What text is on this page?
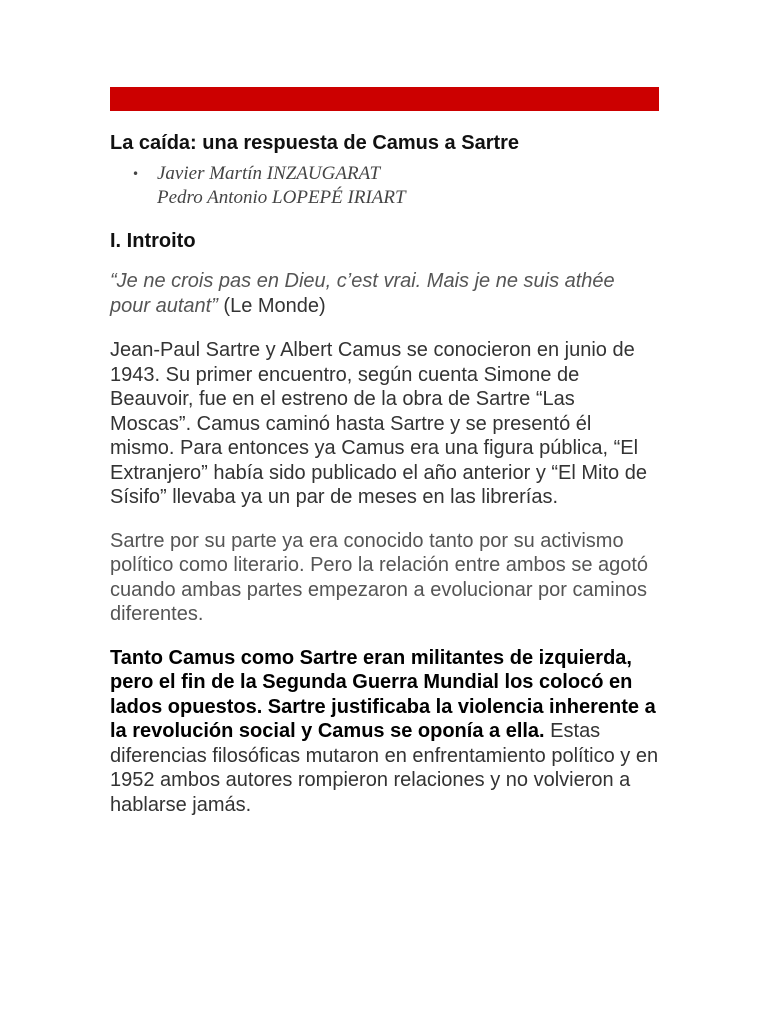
La caída: una respuesta de Camus a Sartre
• Javier Martín INZAUGARAT
Pedro Antonio LOPEPÉ IRIART
I. Introito

“Je ne crois pas en Dieu, c’est vrai. Mais je ne suis athée pour autant” (Le Monde)

Jean-Paul Sartre y Albert Camus se conocieron en junio de 1943. Su primer encuentro, según cuenta Simone de Beauvoir, fue en el estreno de la obra de Sartre “Las Moscas”. Camus caminó hasta Sartre y se presentó él mismo. Para entonces ya Camus era una figura pública, “El Extranjero” había sido publicado el año anterior y “El Mito de Sísifo” llevaba ya un par de meses en las librerías.

Sartre por su parte ya era conocido tanto por su activismo político como literario. Pero la relación entre ambos se agotó cuando ambas partes empezaron a evolucionar por caminos diferentes.

Tanto Camus como Sartre eran militantes de izquierda, pero el fin de la Segunda Guerra Mundial los colocó en lados opuestos. Sartre justificaba la violencia inherente a la revolución social y Camus se oponía a ella. Estas diferencias filosóficas mutaron en enfrentamiento político y en 1952 ambos autores rompieron relaciones y no volvieron a hablarse jamás.
